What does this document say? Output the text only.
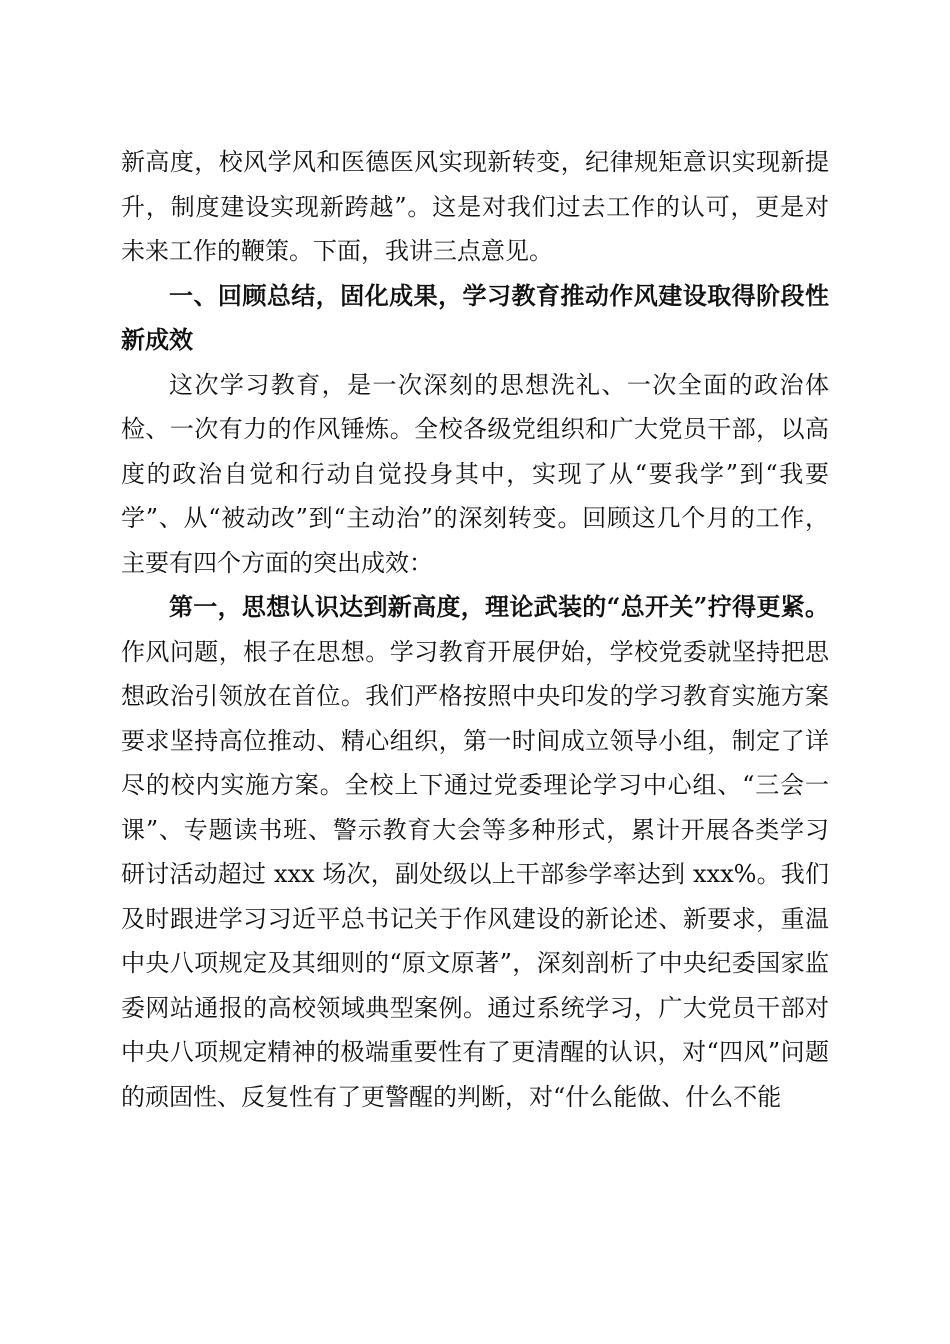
新高度，校风学风和医德医风实现新转变，纪律规矩意识实现新提升，制度建设实现新跨越”。这是对我们过去工作的认可，更是对未来工作的鞭策。下面，我讲三点意见。

一、回顾总结，固化成果，学习教育推动作风建设取得阶段性新成效

这次学习教育，是一次深刻的思想洗礼、一次全面的政治体检、一次有力的作风锤炼。全校各级党组织和广大党员干部，以高度的政治自觉和行动自觉投身其中，实现了从“要我学”到“我要学”、从“被动改”到“主动治”的深刻转变。回顾这几个月的工作，主要有四个方面的突出成效：

第一，思想认识达到新高度，理论武装的“总开关”拧得更紧。作风问题，根子在思想。学习教育开展伊始，学校党委就坚持把思想政治引领放在首位。我们严格按照中央印发的学习教育实施方案要求坚持高位推动、精心组织，第一时间成立领导小组，制定了详尽的校内实施方案。全校上下通过党委理论学习中心组、“三会一课”、专题读书班、警示教育大会等多种形式，累计开展各类学习研讨活动超过 xxx 场次，副处级以上干部参学率达到 xxx%。我们及时跟进学习习近平总书记关于作风建设的新论述、新要求，重温中央八项规定及其细则的“原文原著”，深刻剖析了中央纪委国家监委网站通报的高校领域典型案例。通过系统学习，广大党员干部对中央八项规定精神的极端重要性有了更清醒的认识，对“四风”问题的顽固性、反复性有了更警醒的判断，对“什么能做、什么不能
